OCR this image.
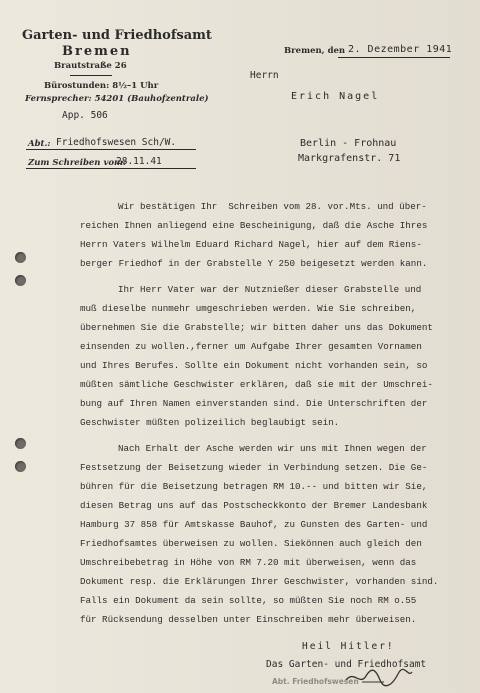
Garten- und Friedhofsamt
Bremen
Brautstraße 26
Bürostunden: 8½–1 Uhr
Fernsprecher: 54201 (Bauhofzentrale)
App. 506
Bremen, den 2. Dezember 1941
Herrn
Erich Nagel
Berlin - Frohnau
Markgrafenstr. 71
Abt.: Friedhofswesen Sch/W.
Zum Schreiben vom:
28.11.41
Wir bestätigen Ihr  Schreiben vom 28. vor.Mts. und über-
reichen Ihnen anliegend eine Bescheinigung, daß die Asche Ihres
Herrn Vaters Wilhelm Eduard Richard Nagel, hier auf dem Riens-
berger Friedhof in der Grabstelle Y 250 beigesetzt werden kann.
Ihr Herr Vater war der Nutznießer dieser Grabstelle und
muß dieselbe nunmehr umgeschrieben werden. Wie Sie schreiben,
übernehmen Sie die Grabstelle; wir bitten daher uns das Dokument
einsenden zu wollen.,ferner um Aufgabe Ihrer gesamten Vornamen
und Ihres Berufes. Sollte ein Dokument nicht vorhanden sein, so
müßten sämtliche Geschwister erklären, daß sie mit der Umschrei-
bung auf Ihren Namen einverstanden sind. Die Unterschriften der
Geschwister müßten polizeilich beglaubigt sein.
Nach Erhalt der Asche werden wir uns mit Ihnen wegen der
Festsetzung der Beisetzung wieder in Verbindung setzen. Die Ge-
bühren für die Beisetzung betragen RM 10.-- und bitten wir Sie,
diesen Betrag uns auf das Postscheckkonto der Bremer Landesbank
Hamburg 37 858 für Amtskasse Bauhof, zu Gunsten des Garten- und
Friedhofsamtes überweisen zu wollen. Siekönnen auch gleich den
Umschreibebetrag in Höhe von RM 7.20 mit überweisen, wenn das
Dokument resp. die Erklärungen Ihrer Geschwister, vorhanden sind.
Falls ein Dokument da sein sollte, so müßten Sie noch RM o.55
für Rücksendung desselben unter Einschreiben mehr überweisen.
Heil Hitler!
Das Garten- und Friedhofsamt
Abt. Friedhofswesen
